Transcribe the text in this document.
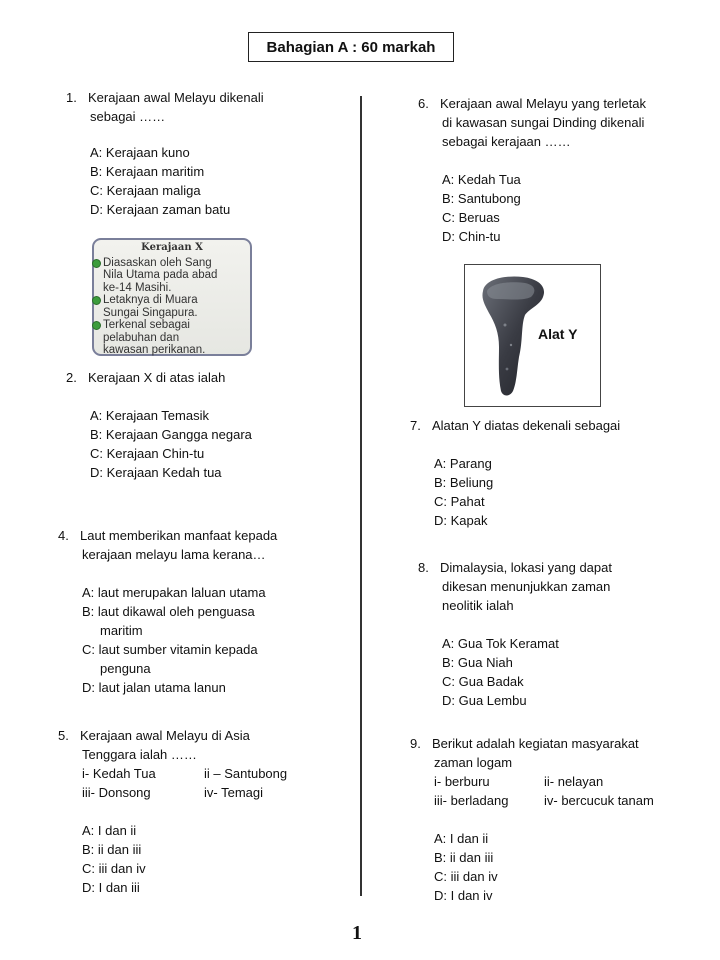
Bahagian A : 60 markah
1. Kerajaan awal Melayu dikenali
sebagai ……
A: Kerajaan kuno
B: Kerajaan maritim
C: Kerajaan maliga
D: Kerajaan zaman batu
Kerajaan X
Diasaskan oleh Sang
Nila Utama pada abad
ke-14 Masihi.
Letaknya di Muara
Sungai Singapura.
Terkenal sebagai
pelabuhan dan
kawasan perikanan.
2. Kerajaan X di atas ialah
A: Kerajaan Temasik
B: Kerajaan Gangga negara
C: Kerajaan Chin-tu
D: Kerajaan Kedah tua
4. Laut memberikan manfaat kepada
kerajaan melayu lama kerana…
A: laut merupakan laluan utama
B: laut dikawal oleh penguasa
maritim
C: laut sumber vitamin kepada
penguna
D: laut jalan utama lanun
5. Kerajaan awal Melayu di Asia
Tenggara ialah ……
i- Kedah Tua	ii – Santubong
iii- Donsong	iv- Temagi
A: I dan ii
B: ii dan iii
C: iii dan iv
D: I dan iii
6. Kerajaan awal Melayu yang terletak
di kawasan sungai Dinding dikenali
sebagai kerajaan ……
A: Kedah Tua
B: Santubong
C: Beruas
D: Chin-tu
Alat Y
7. Alatan Y diatas dekenali sebagai
A: Parang
B: Beliung
C: Pahat
D: Kapak
8. Dimalaysia, lokasi yang dapat
dikesan menunjukkan zaman
neolitik ialah
A: Gua Tok Keramat
B: Gua Niah
C: Gua Badak
D: Gua Lembu
9. Berikut adalah kegiatan masyarakat
zaman logam
i- berburu	ii- nelayan
iii- berladang	iv- bercucuk tanam
A: I dan ii
B: ii dan iii
C: iii dan iv
D: I dan iv
1
